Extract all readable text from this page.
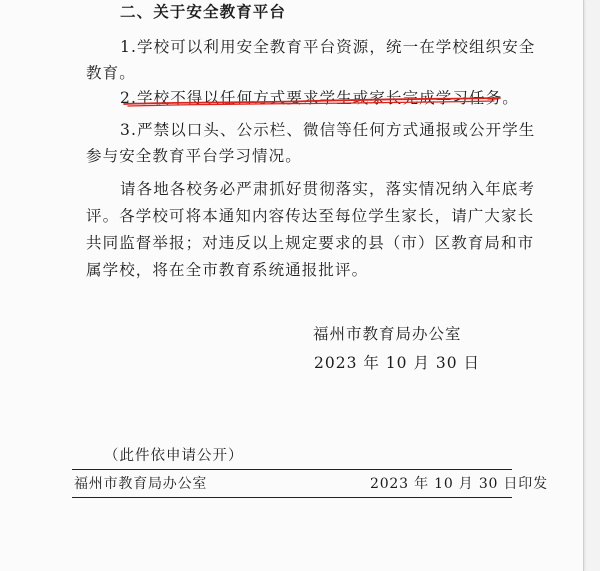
二、关于安全教育平台
1.学校可以利用安全教育平台资源，统一在学校组织安全
教育。
2.学校不得以任何方式要求学生或家长完成学习任务。
3.严禁以口头、公示栏、微信等任何方式通报或公开学生
参与安全教育平台学习情况。
请各地各校务必严肃抓好贯彻落实，落实情况纳入年底考
评。各学校可将本通知内容传达至每位学生家长，请广大家长
共同监督举报；对违反以上规定要求的县（市）区教育局和市
属学校，将在全市教育系统通报批评。
福州市教育局办公室
2023 年 10 月 30 日
（此件依申请公开）
福州市教育局办公室	2023 年 10 月 30 日印发
